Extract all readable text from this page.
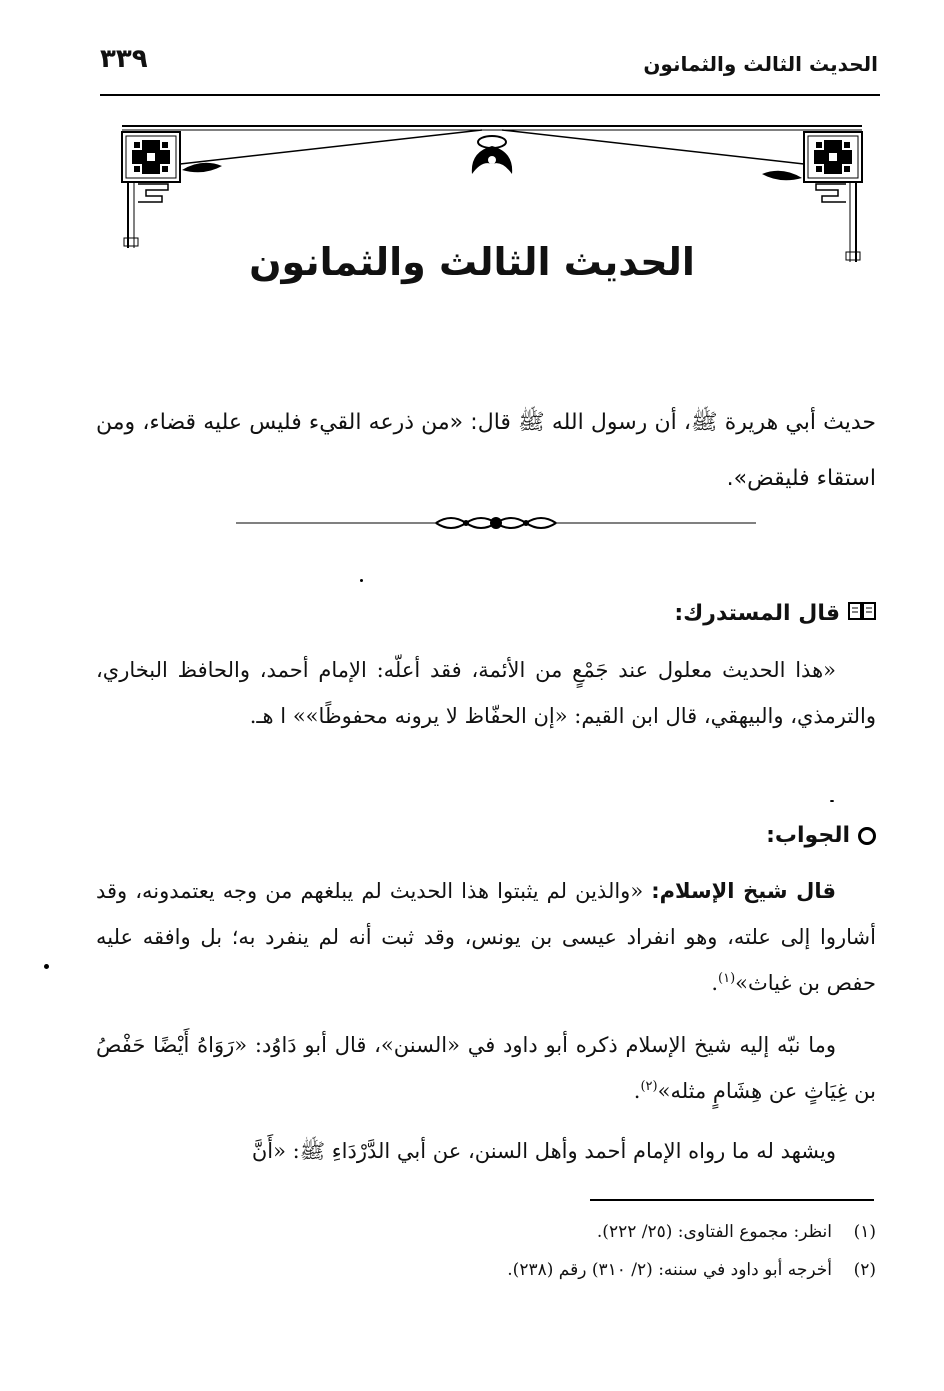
الحديث الثالث والثمانون
٣٣٩
الحديث الثالث والثمانون
حديث أبي هريرة ﷺ، أن رسول الله ﷺ قال: «من ذرعه القيء فليس عليه قضاء، ومن استقاء فليقض».
قال المستدرك:

«هذا الحديث معلول عند جَمْعٍ من الأئمة، فقد أعلّه: الإمام أحمد، والحافظ البخاري، والترمذي، والبيهقي، قال ابن القيم: «إن الحفّاظ لا يرونه محفوظًا»» ا هـ.

الجواب:

قال شيخ الإسلام: «والذين لم يثبتوا هذا الحديث لم يبلغهم من وجه يعتمدونه، وقد أشاروا إلى علته، وهو انفراد عيسى بن يونس، وقد ثبت أنه لم ينفرد به؛ بل وافقه عليه حفص بن غياث»$^{(١)}$.

وما نبّه إليه شيخ الإسلام ذكره أبو داود في «السنن»، قال أبو دَاوُد: «رَوَاهُ أَيْضًا حَفْصُ بن غِيَاثٍ عن هِشَامٍ مثله»$^{(٢)}$.

ويشهد له ما رواه الإمام أحمد وأهل السنن، عن أبي الدَّرْدَاءِ ﷺ: «أَنَّ

(١)انظر: مجموع الفتاوى: (٢٥/ ٢٢٢).

(٢)أخرجه أبو داود في سننه: (٢/ ٣١٠) رقم (٢٣٨).
